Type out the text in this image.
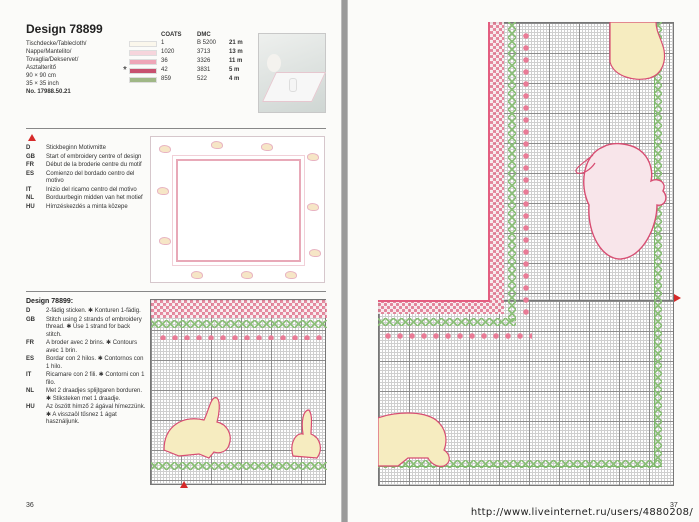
Design 78899
Tischdecke/Tablecloth/
Nappe/Mantelito/
Tovaglia/Dekservet/
Asztalterítő
90 × 90 cm
35 × 35 inch
No. 17988.50.21
COATS	DMC
1	B 5200 21 m
1020	3713	13 m
36	3326	11 m
*	42	3831	5 m
859	522	4 m
D	Stickbeginn Motivmitte
GB	Start of embroidery centre of design
FR	Début de la broderie centre du motif
ES	Comienzo del bordado centro del motivo
IT	Inizio del ricamo centro del motivo
NL	Borduurbegin midden van het motief
HU	Hímzéskezdés a minta közepe
Design 78899:
D	2-fädig sticken. ✱ Konturen 1-fädig.
GB	Stitch using 2 strands of embroidery thread. ✱ Use 1 strand for back stitch.
FR	A broder avec 2 brins. ✱ Contours avec 1 brin.
ES	Bordar con 2 hilos. ✱ Contornos con 1 hilo.
IT	Ricamare con 2 fili. ✱ Contorni con 1 filo.
NL	Met 2 draadjes splijtgaren borduren. ✱ Stiksteken met 1 draadje.
HU	Az öszött hímző 2 ágával hímezzünk. ✱ A visszaöl tűsnez 1 ágat használjunk.
36	37
http://www.liveinternet.ru/users/4880208/
